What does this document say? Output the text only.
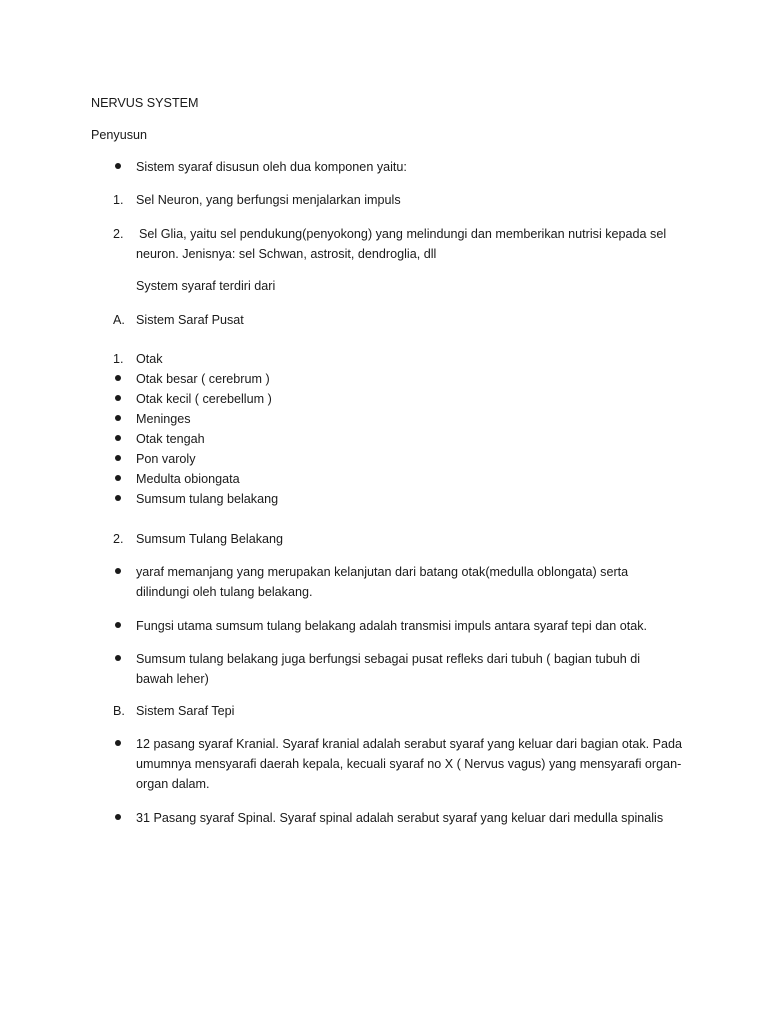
NERVUS SYSTEM
Penyusun
Sistem syaraf disusun oleh dua komponen yaitu:
1. Sel Neuron, yang berfungsi menjalarkan impuls
2. Sel Glia, yaitu sel pendukung(penyokong) yang melindungi dan memberikan nutrisi kepada sel
neuron. Jenisnya: sel Schwan, astrosit, dendroglia, dll
System syaraf terdiri dari
A. Sistem Saraf Pusat
1. Otak
Otak besar ( cerebrum )
Otak kecil ( cerebellum )
Meninges
Otak tengah
Pon varoly
Medulta obiongata
Sumsum tulang belakang
2. Sumsum Tulang Belakang
yaraf memanjang yang merupakan kelanjutan dari batang otak(medulla oblongata) serta
dilindungi oleh tulang belakang.
Fungsi utama sumsum tulang belakang adalah transmisi impuls antara syaraf tepi dan otak.
Sumsum tulang belakang juga berfungsi sebagai pusat refleks dari tubuh ( bagian tubuh di
bawah leher)
B. Sistem Saraf Tepi
12 pasang syaraf Kranial. Syaraf kranial adalah serabut syaraf yang keluar dari bagian otak. Pada
umumnya mensyarafi daerah kepala, kecuali syaraf no X ( Nervus vagus) yang mensyarafi organ-
organ dalam.
31 Pasang syaraf Spinal. Syaraf spinal adalah serabut syaraf yang keluar dari medulla spinalis
